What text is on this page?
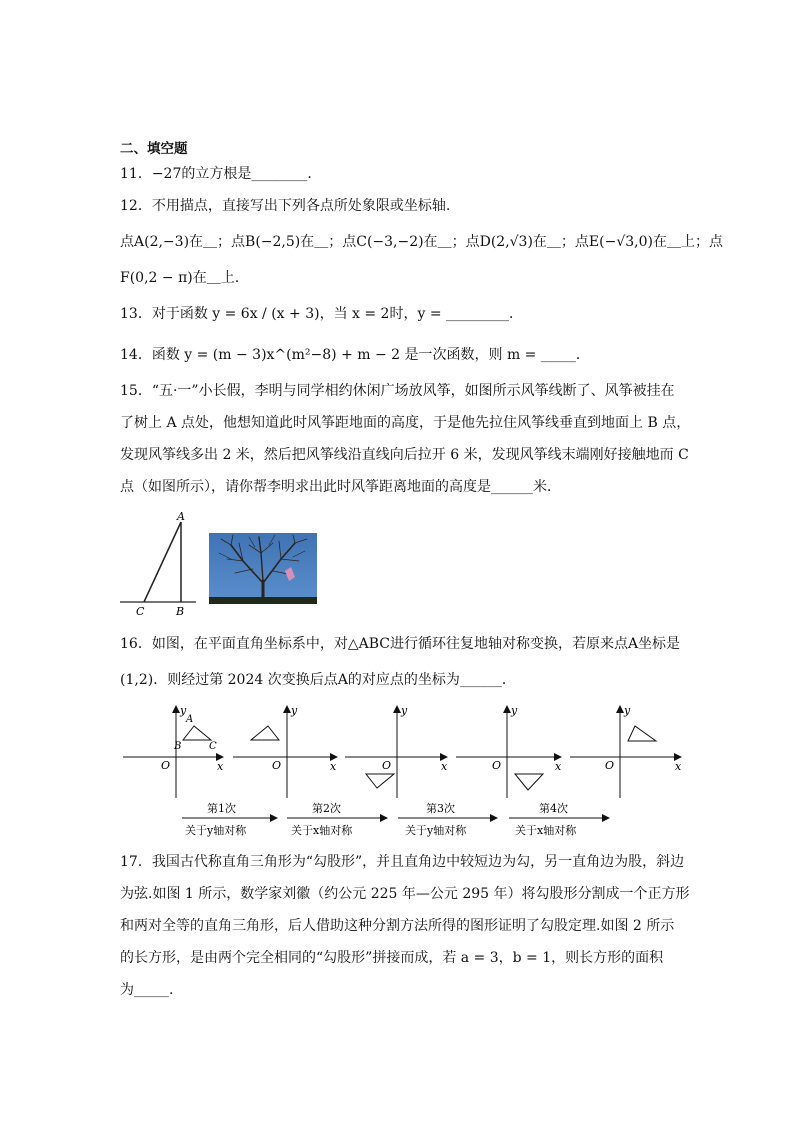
二、填空题
11．−27的立方根是________．
12．不用描点，直接写出下列各点所处象限或坐标轴.
点A(2,−3)在＿；点B(−2,5)在＿；点C(−3,−2)在＿；点D(2,√3)在＿；点E(−√3,0)在＿上；点
F(0,2 − π)在＿上.
13．对于函数 y = 6x / (x + 3)，当 x = 2时，y = _________．
14．函数 y = (m − 3)x^(m²−8) + m − 2 是一次函数，则 m = _____．
15．“五·一”小长假，李明与同学相约休闲广场放风筝，如图所示风筝线断了、风筝被挂在
了树上 A 点处，他想知道此时风筝距地面的高度，于是他先拉住风筝线垂直到地面上 B 点，
发现风筝线多出 2 米，然后把风筝线沿直线向后拉开 6 米，发现风筝线末端刚好接触地而 C
点（如图所示），请你帮李明求出此时风筝距离地面的高度是______米．
A
C	B
16．如图，在平面直角坐标系中，对△ABC进行循环往复地轴对称变换，若原来点A坐标是
(1,2)．则经过第 2024 次变换后点A的对应点的坐标为______．
y
x
O
A
B	C
y
x
O
y
x
O
y
x
O
y
x
O
第1次
关于y轴对称
第2次
关于x轴对称
第3次
关于y轴对称
第4次
关于x轴对称
17．我国古代称直角三角形为“勾股形”，并且直角边中较短边为勾，另一直角边为股，斜边
为弦.如图 1 所示，数学家刘徽（约公元 225 年—公元 295 年）将勾股形分割成一个正方形
和两对全等的直角三角形，后人借助这种分割方法所得的图形证明了勾股定理.如图 2 所示
的长方形，是由两个完全相同的“勾股形”拼接而成，若 a = 3，b = 1，则长方形的面积
为_____.
